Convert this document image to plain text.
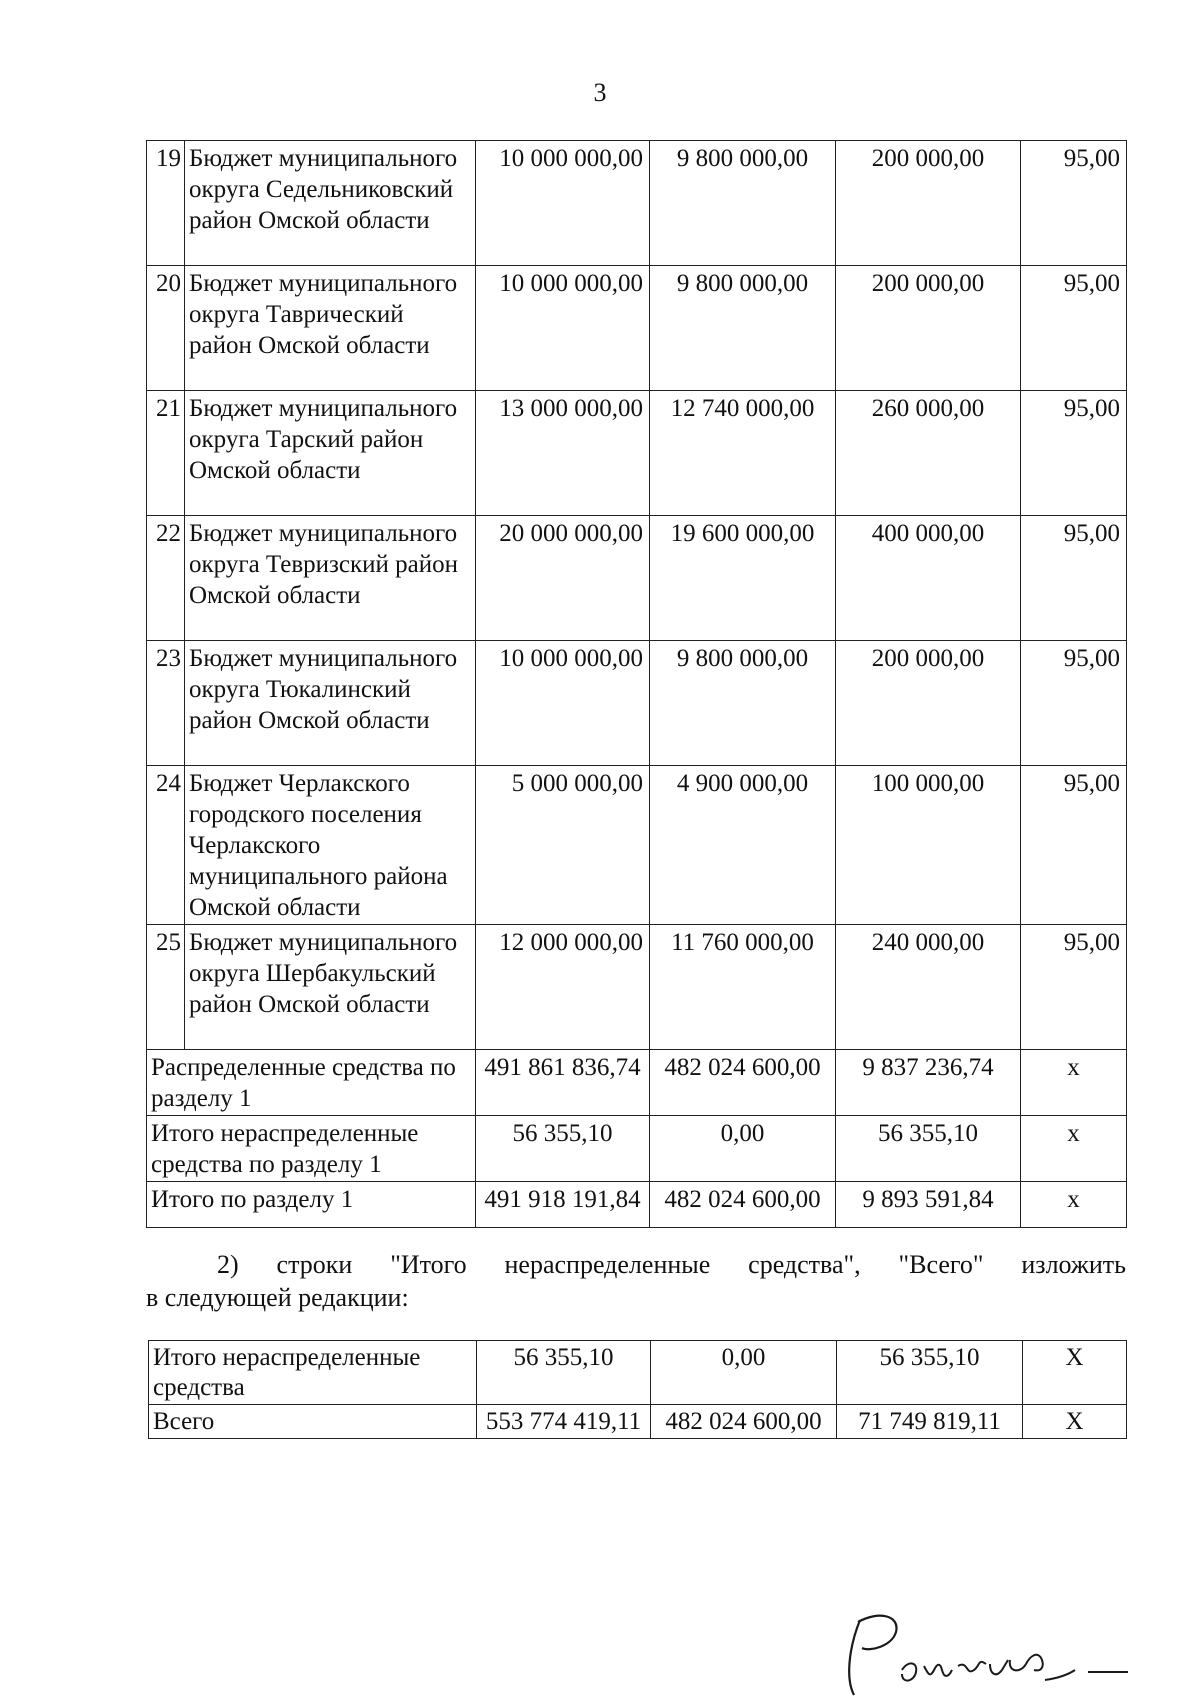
3
19	Бюджет муниципального округа Седельниковский район Омской области	10 000 000,00	9 800 000,00	200 000,00	95,00
20	Бюджет муниципального округа Таврический район Омской области	10 000 000,00	9 800 000,00	200 000,00	95,00
21	Бюджет муниципального округа Тарский район Омской области	13 000 000,00	12 740 000,00	260 000,00	95,00
22	Бюджет муниципального округа Тевризский район Омской области	20 000 000,00	19 600 000,00	400 000,00	95,00
23	Бюджет муниципального округа Тюкалинский район Омской области	10 000 000,00	9 800 000,00	200 000,00	95,00
24	Бюджет Черлакского городского поселения Черлакского муниципального района Омской области	5 000 000,00	4 900 000,00	100 000,00	95,00
25	Бюджет муниципального округа Шербакульский район Омской области	12 000 000,00	11 760 000,00	240 000,00	95,00
Распределенные средства по разделу 1		491 861 836,74	482 024 600,00	9 837 236,74	х
Итого нераспределенные средства по разделу 1		56 355,10	0,00	56 355,10	х
Итого по разделу 1		491 918 191,84	482 024 600,00	9 893 591,84	х
2) строки "Итого нераспределенные средства", "Всего" изложить
в следующей редакции:
Итого нераспределенные средства	56 355,10	0,00	56 355,10	Х
Всего	553 774 419,11	482 024 600,00	71 749 819,11	Х
